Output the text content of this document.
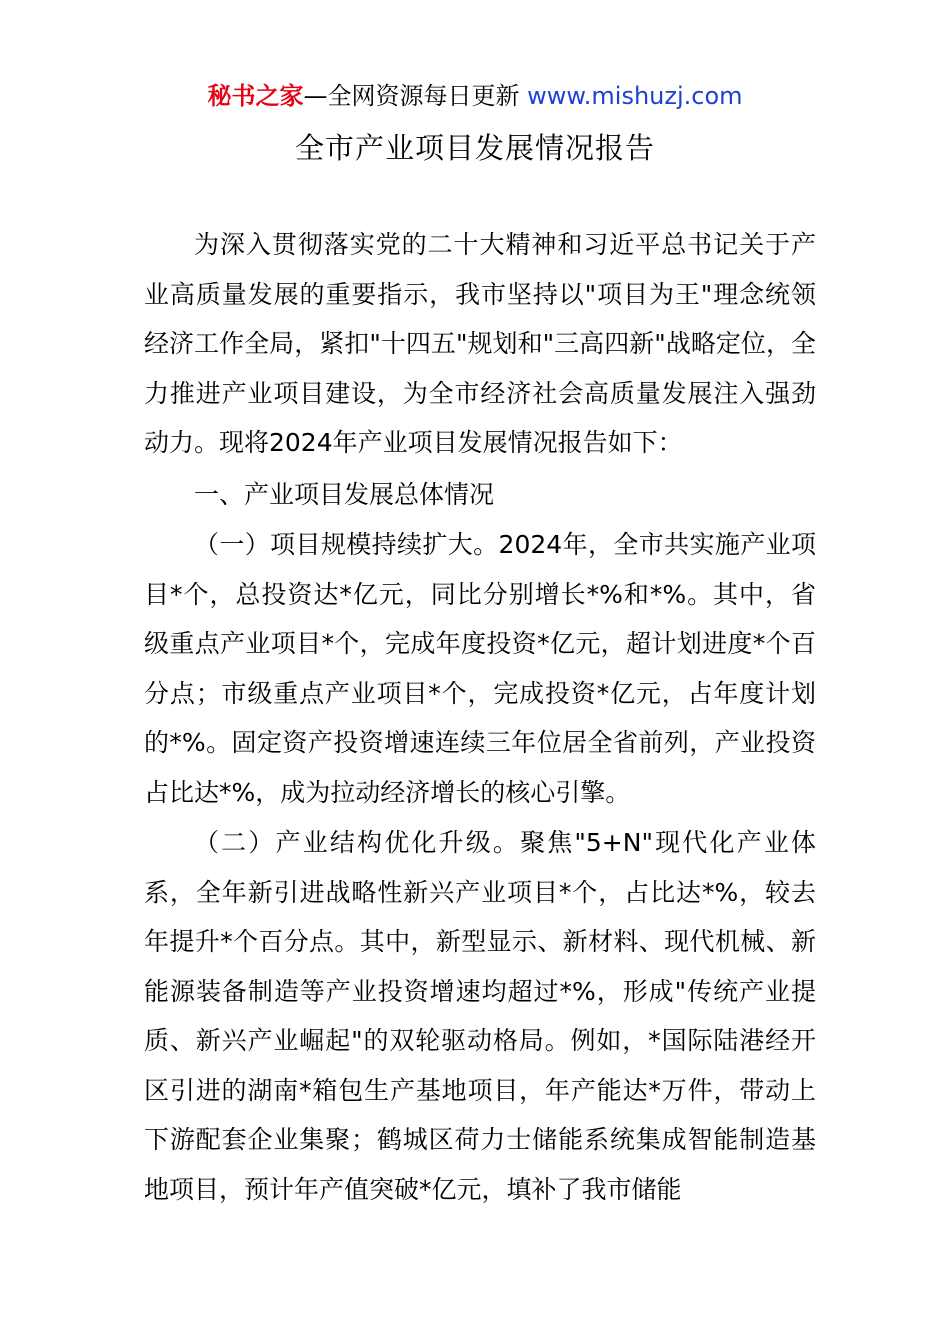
秘书之家—全网资源每日更新 www.mishuzj.com
全市产业项目发展情况报告

为深入贯彻落实党的二十大精神和习近平总书记关于产业高质量发展的重要指示，我市坚持以"项目为王"理念统领经济工作全局，紧扣"十四五"规划和"三高四新"战略定位，全力推进产业项目建设，为全市经济社会高质量发展注入强劲动力。现将2024年产业项目发展情况报告如下：

一、产业项目发展总体情况

（一）项目规模持续扩大。2024年，全市共实施产业项目*个，总投资达*亿元，同比分别增长*%和*%。其中，省级重点产业项目*个，完成年度投资*亿元，超计划进度*个百分点；市级重点产业项目*个，完成投资*亿元，占年度计划的*%。固定资产投资增速连续三年位居全省前列，产业投资占比达*%，成为拉动经济增长的核心引擎。

（二）产业结构优化升级。聚焦"5+N"现代化产业体系，全年新引进战略性新兴产业项目*个，占比达*%，较去年提升*个百分点。其中，新型显示、新材料、现代机械、新能源装备制造等产业投资增速均超过*%，形成"传统产业提质、新兴产业崛起"的双轮驱动格局。例如，*国际陆港经开区引进的湖南*箱包生产基地项目，年产能达*万件，带动上下游配套企业集聚；鹤城区荷力士储能系统集成智能制造基地项目，预计年产值突破*亿元，填补了我市储能
